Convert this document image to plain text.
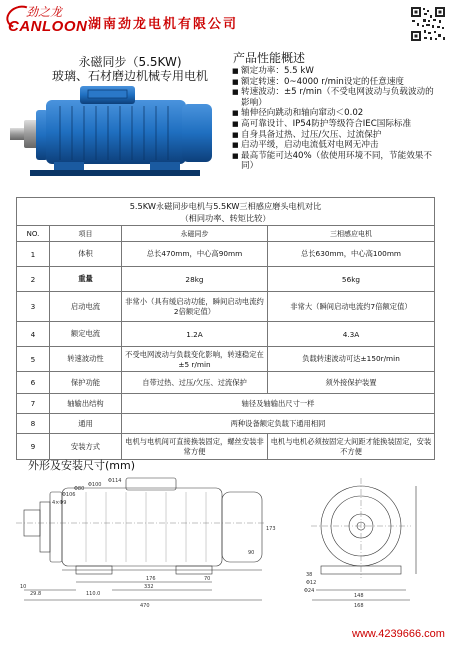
劲之龙
CANLOON 湖南劲龙电机有限公司
永磁同步（5.5KW)
玻璃、石材磨边机械专用电机
产品性能概述
■ 额定功率：5.5 kW
■ 额定转速：0~4000 r/min设定的任意速度
■ 转速波动：±5 r/min（不受电网波动与负载波动的影响）
■ 轴伸径向跳动和轴向窜动＜0.02
■ 高可靠设计、IP54防护等级符合IEC国际标准
■ 自身具备过热、过压/欠压、过流保护
■ 启动平缓，启动电流低对电网无冲击
■ 最高节能可达40%（依使用环境不同，节能效果不同）
5.5KW永磁同步电机与5.5KW三相感应磨头电机对比
（相同功率、转矩比较）			

NO.	项目	永磁同步	三相感应电机
1	体积	总长470mm，中心高90mm	总长630mm，中心高100mm
2	重量	28kg	56kg
3	启动电流	非常小（具有缓启动功能，瞬间启动电流约2倍额定值）	非常大（瞬间启动电流约7倍额定值）
4	额定电流	1.2A	4.3A
5	转速波动性	不受电网波动与负载变化影响，转速稳定在±5 r/min	负载转速波动可达±150r/min
6	保护功能	自带过热、过压/欠压、过流保护	须外接保护装置
7	轴输出结构	轴径及轴输出尺寸一样	
8	通用	两种设备额定负载下通用相同	
9	安装方式	电机与电机间可直接换装固定，螺丝安装非常方便	电机与电机必须按固定大间距才能换装固定，安装不方便
外形及安装尺寸(mm)
4×Φ9
Φ106
Φ80
Φ100
Φ114
173
90
70
176
332
470
10
29.8	110.0
38
Φ12
Φ24
148
168
www.4239666.com
